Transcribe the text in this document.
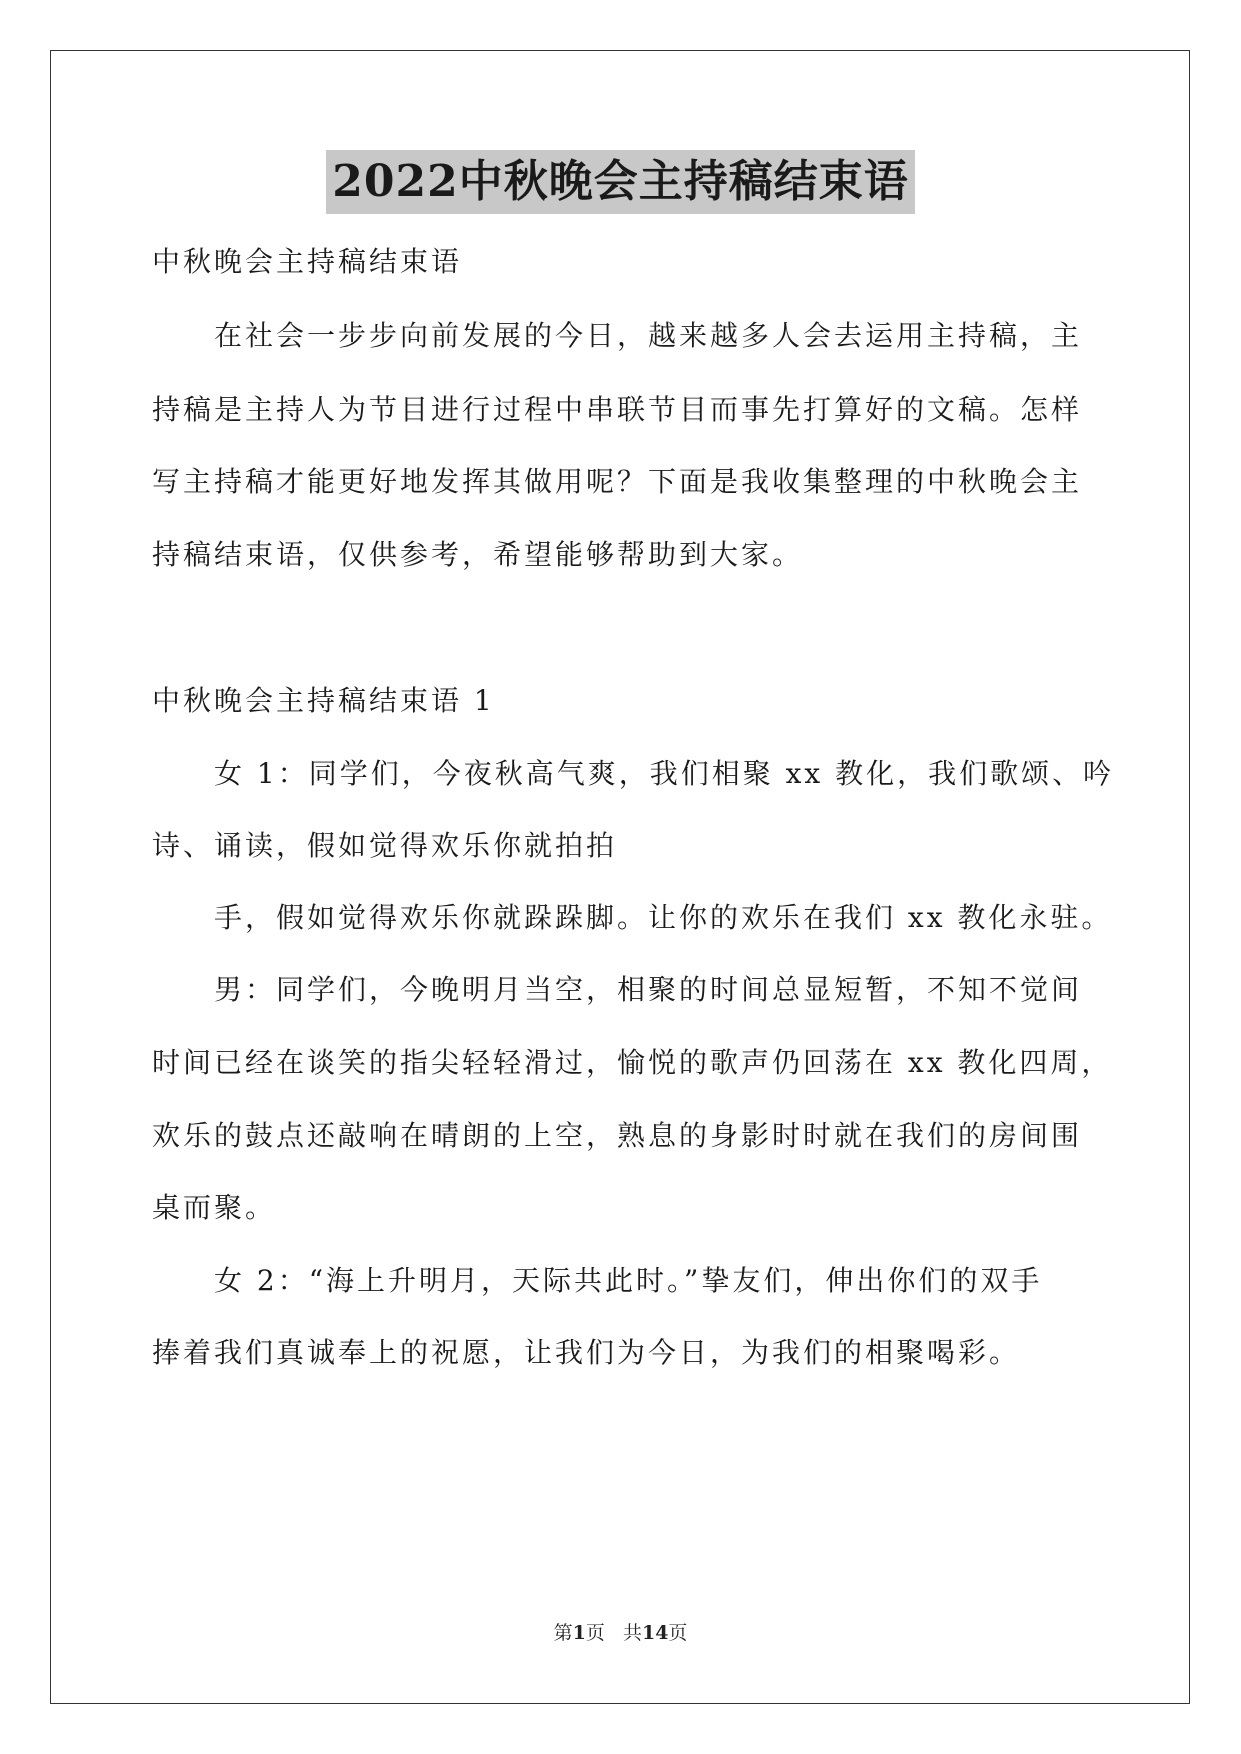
2022中秋晚会主持稿结束语
中秋晚会主持稿结束语
在社会一步步向前发展的今日，越来越多人会去运用主持稿，主
持稿是主持人为节目进行过程中串联节目而事先打算好的文稿。怎样
写主持稿才能更好地发挥其做用呢？下面是我收集整理的中秋晚会主
持稿结束语，仅供参考，希望能够帮助到大家。
中秋晚会主持稿结束语 1
女 1：同学们，今夜秋高气爽，我们相聚 xx 教化，我们歌颂、吟
诗、诵读，假如觉得欢乐你就拍拍
手，假如觉得欢乐你就跺跺脚。让你的欢乐在我们 xx 教化永驻。
男：同学们，今晚明月当空，相聚的时间总显短暂，不知不觉间
时间已经在谈笑的指尖轻轻滑过，愉悦的歌声仍回荡在 xx 教化四周，
欢乐的鼓点还敲响在晴朗的上空，熟息的身影时时就在我们的房间围
桌而聚。
女 2：“海上升明月，天际共此时。”挚友们，伸出你们的双手
捧着我们真诚奉上的祝愿，让我们为今日，为我们的相聚喝彩。
第1页 共14页
